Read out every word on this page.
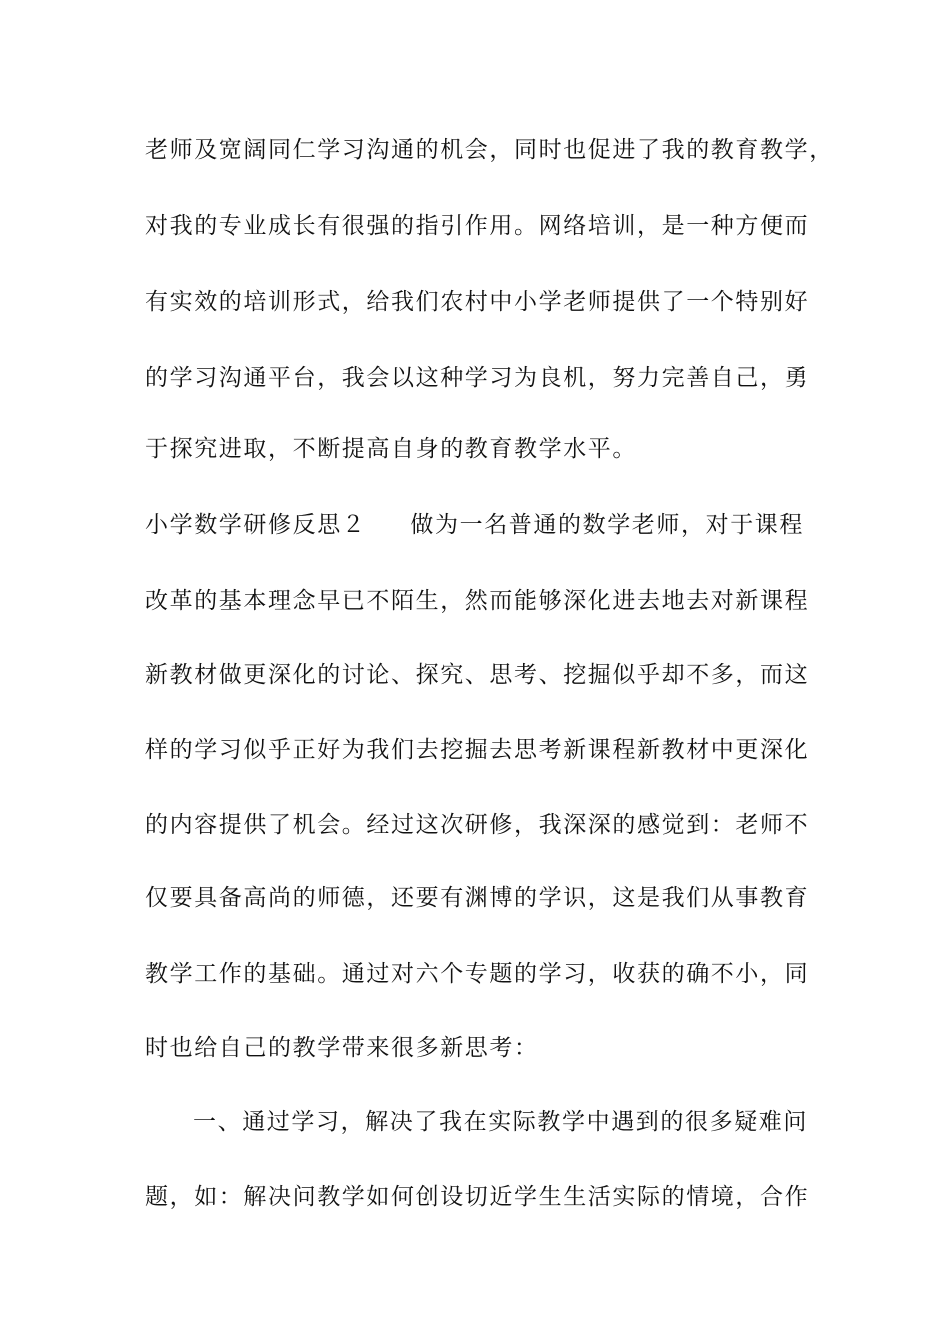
老师及宽阔同仁学习沟通的机会，同时也促进了我的教育教学，
对我的专业成长有很强的指引作用。网络培训，是一种方便而
有实效的培训形式，给我们农村中小学老师提供了一个特别好
的学习沟通平台，我会以这种学习为良机，努力完善自己，勇
于探究进取，不断提高自身的教育教学水平。
小学数学研修反思２ 做为一名普通的数学老师，对于课程
改革的基本理念早已不陌生，然而能够深化进去地去对新课程
新教材做更深化的讨论、探究、思考、挖掘似乎却不多，而这
样的学习似乎正好为我们去挖掘去思考新课程新教材中更深化
的内容提供了机会。经过这次研修，我深深的感觉到：老师不
仅要具备高尚的师德，还要有渊博的学识，这是我们从事教育
教学工作的基础。通过对六个专题的学习，收获的确不小，同
时也给自己的教学带来很多新思考：
一、通过学习，解决了我在实际教学中遇到的很多疑难问
题，如：解决问教学如何创设切近学生生活实际的情境，合作
